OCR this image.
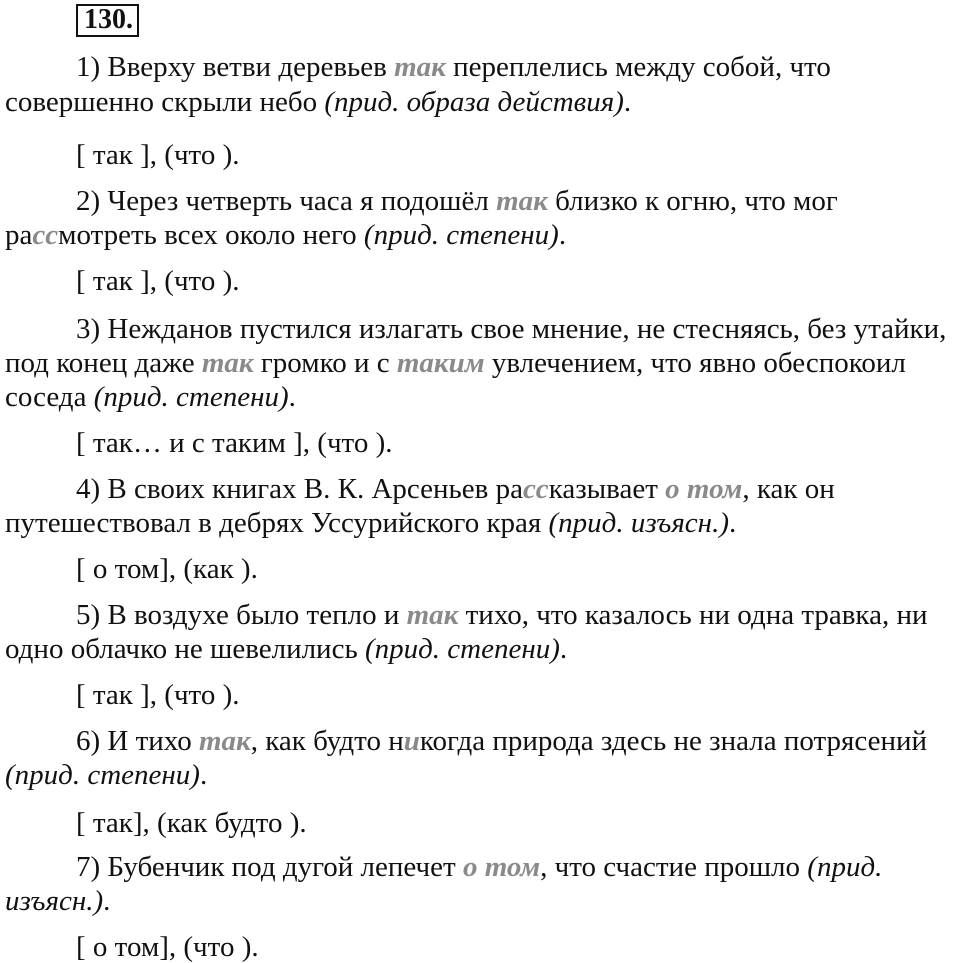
130.
1) Вверху ветви деревьев так переплелись между собой, что
совершенно скрыли небо (прид. образа действия).
[ так ], (что ).
2) Через четверть часа я подошёл так близко к огню, что мог
рассмотреть всех около него (прид. степени).
[ так ], (что ).
3) Нежданов пустился излагать свое мнение, не стесняясь, без утайки,
под конец даже так громко и с таким увлечением, что явно обеспокоил
соседа (прид. степени).
[ так… и с таким ], (что ).
4) В своих книгах В. К. Арсеньев рассказывает о том, как он
путешествовал в дебрях Уссурийского края (прид. изъясн.).
[ о том], (как ).
5) В воздухе было тепло и так тихо, что казалось ни одна травка, ни
одно облачко не шевелились (прид. степени).
[ так ], (что ).
6) И тихо так, как будто никогда природа здесь не знала потрясений
(прид. степени).
[ так], (как будто ).
7) Бубенчик под дугой лепечет о том, что счастие прошло (прид.
изъясн.).
[ о том], (что ).
